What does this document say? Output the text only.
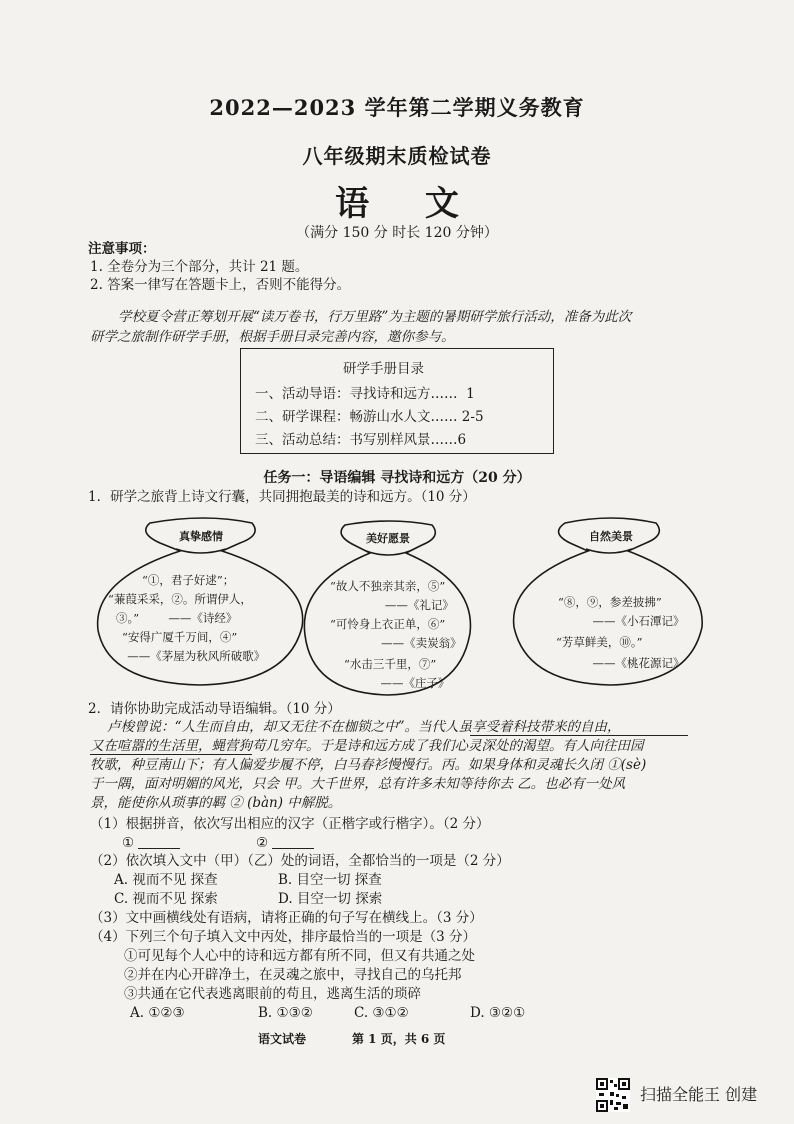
2022—2023 学年第二学期义务教育
八年级期末质检试卷
语 文
（满分 150 分 时长 120 分钟）
注意事项：
1. 全卷分为三个部分，共计 21 题。
2. 答案一律写在答题卡上，否则不能得分。
学校夏令营正筹划开展“读万卷书，行万里路”为主题的暑期研学旅行活动，准备为此次
研学之旅制作研学手册，根据手册目录完善内容，邀你参与。
研学手册目录
一、活动导语：寻找诗和远方……  1
二、研学课程：畅游山水人文…… 2-5
三、活动总结：书写别样风景……6
任务一：导语编辑 寻找诗和远方（20 分）
1．研学之旅背上诗文行囊，共同拥抱最美的诗和远方。（10 分）
真挚感情
“①，君子好逑”；
“蒹葭采采，②。所谓伊人，
③。”        ——《诗经》
“安得广厦千万间，④”
——《茅屋为秋风所破歌》
美好愿景
“故人不独亲其亲，⑤”
——《礼记》
“可怜身上衣正单，⑥”
——《卖炭翁》
“水击三千里，⑦”
——《庄子》
自然美景
“⑧，⑨，参差披拂”
——《小石潭记》
“芳草鲜美，⑩。”
——《桃花源记》
2．请你协助完成活动导语编辑。（10 分）
卢梭曾说：“人生而自由，却又无往不在枷锁之中”。当代人虽享受着科技带来的自由，
又在喧嚣的生活里，蝇营狗苟几穷年。于是诗和远方成了我们心灵深处的渴望。有人向往田园
牧歌，种豆南山下；有人偏爱步履不停，白马春衫慢慢行。丙。如果身体和灵魂长久闭 ①(sè)
于一隅，面对明媚的风光，只会 甲。大千世界，总有许多未知等待你去 乙。也必有一处风
景，能使你从琐事的羁 ② (bàn) 中解脱。
（1）根据拼音，依次写出相应的汉字（正楷字或行楷字）。（2 分）
①	②
（2）依次填入文中（甲）（乙）处的词语，全都恰当的一项是（2 分）
A. 视而不见 探查	B. 目空一切 探查
C. 视而不见 探索	D. 目空一切 探索
（3）文中画横线处有语病，请将正确的句子写在横线上。（3 分）
（4）下列三个句子填入文中丙处，排序最恰当的一项是（3 分）
①可见每个人心中的诗和远方都有所不同，但又有共通之处
②并在内心开辟净土，在灵魂之旅中，寻找自己的乌托邦
③共通在它代表逃离眼前的苟且，逃离生活的琐碎
A. ①②③	B. ①③②	C. ③①②	D. ③②①
语文试卷	第 1 页，共 6 页
扫描全能王 创建
